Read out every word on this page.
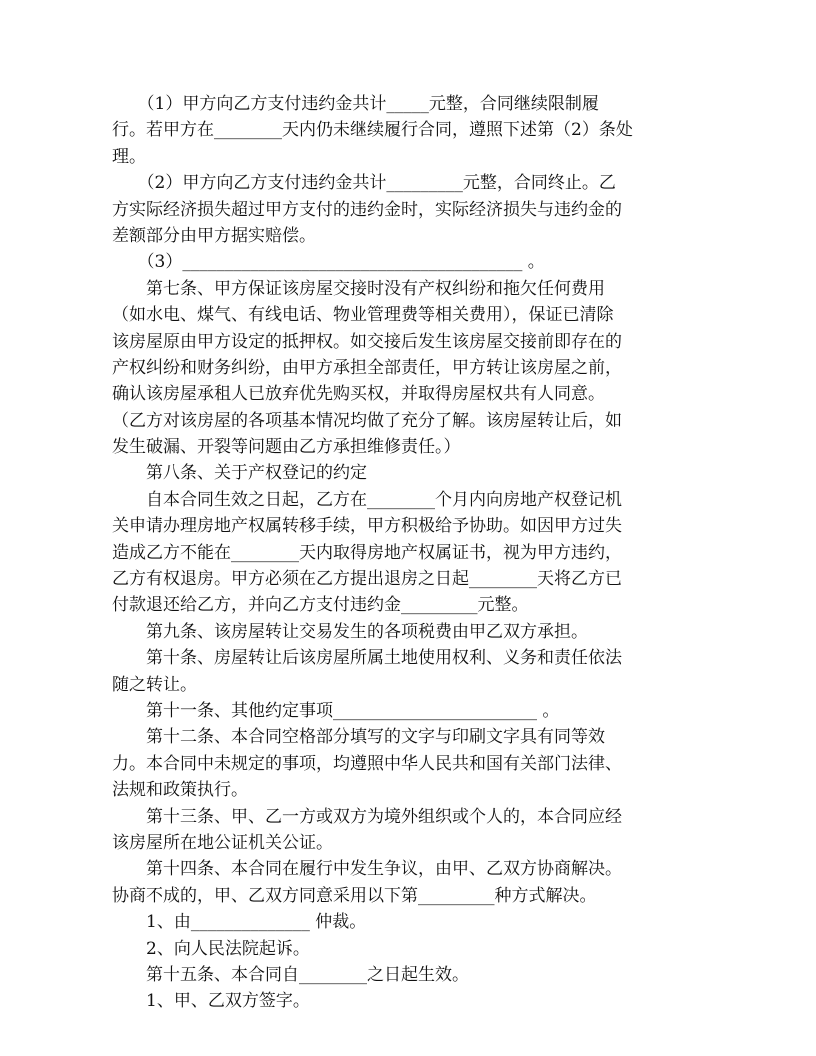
　　（1）甲方向乙方支付违约金共计_____元整，合同继续限制履
行。若甲方在________天内仍未继续履行合同，遵照下述第（2）条处
理。
　　（2）甲方向乙方支付违约金共计_________元整，合同终止。乙
方实际经济损失超过甲方支付的违约金时，实际经济损失与违约金的
差额部分由甲方据实赔偿。
　　（3）________________________________________ 。
　　第七条、甲方保证该房屋交接时没有产权纠纷和拖欠任何费用
（如水电、煤气、有线电话、物业管理费等相关费用），保证已清除
该房屋原由甲方设定的抵押权。如交接后发生该房屋交接前即存在的
产权纠纷和财务纠纷，由甲方承担全部责任，甲方转让该房屋之前，
确认该房屋承租人已放弃优先购买权，并取得房屋权共有人同意。
（乙方对该房屋的各项基本情况均做了充分了解。该房屋转让后，如
发生破漏、开裂等问题由乙方承担维修责任。）
　　第八条、关于产权登记的约定
　　自本合同生效之日起，乙方在________个月内向房地产权登记机
关申请办理房地产权属转移手续，甲方积极给予协助。如因甲方过失
造成乙方不能在________天内取得房地产权属证书，视为甲方违约，
乙方有权退房。甲方必须在乙方提出退房之日起________天将乙方已
付款退还给乙方，并向乙方支付违约金_________元整。
　　第九条、该房屋转让交易发生的各项税费由甲乙双方承担。
　　第十条、房屋转让后该房屋所属土地使用权利、义务和责任依法
随之转让。
　　第十一条、其他约定事项________________________ 。
　　第十二条、本合同空格部分填写的文字与印刷文字具有同等效
力。本合同中未规定的事项，均遵照中华人民共和国有关部门法律、
法规和政策执行。
　　第十三条、甲、乙一方或双方为境外组织或个人的，本合同应经
该房屋所在地公证机关公证。
　　第十四条、本合同在履行中发生争议，由甲、乙双方协商解决。
协商不成的，甲、乙双方同意采用以下第_________种方式解决。
　　1、由______________ 仲裁。
　　2、向人民法院起诉。
　　第十五条、本合同自________之日起生效。
　　1、甲、乙双方签字。
